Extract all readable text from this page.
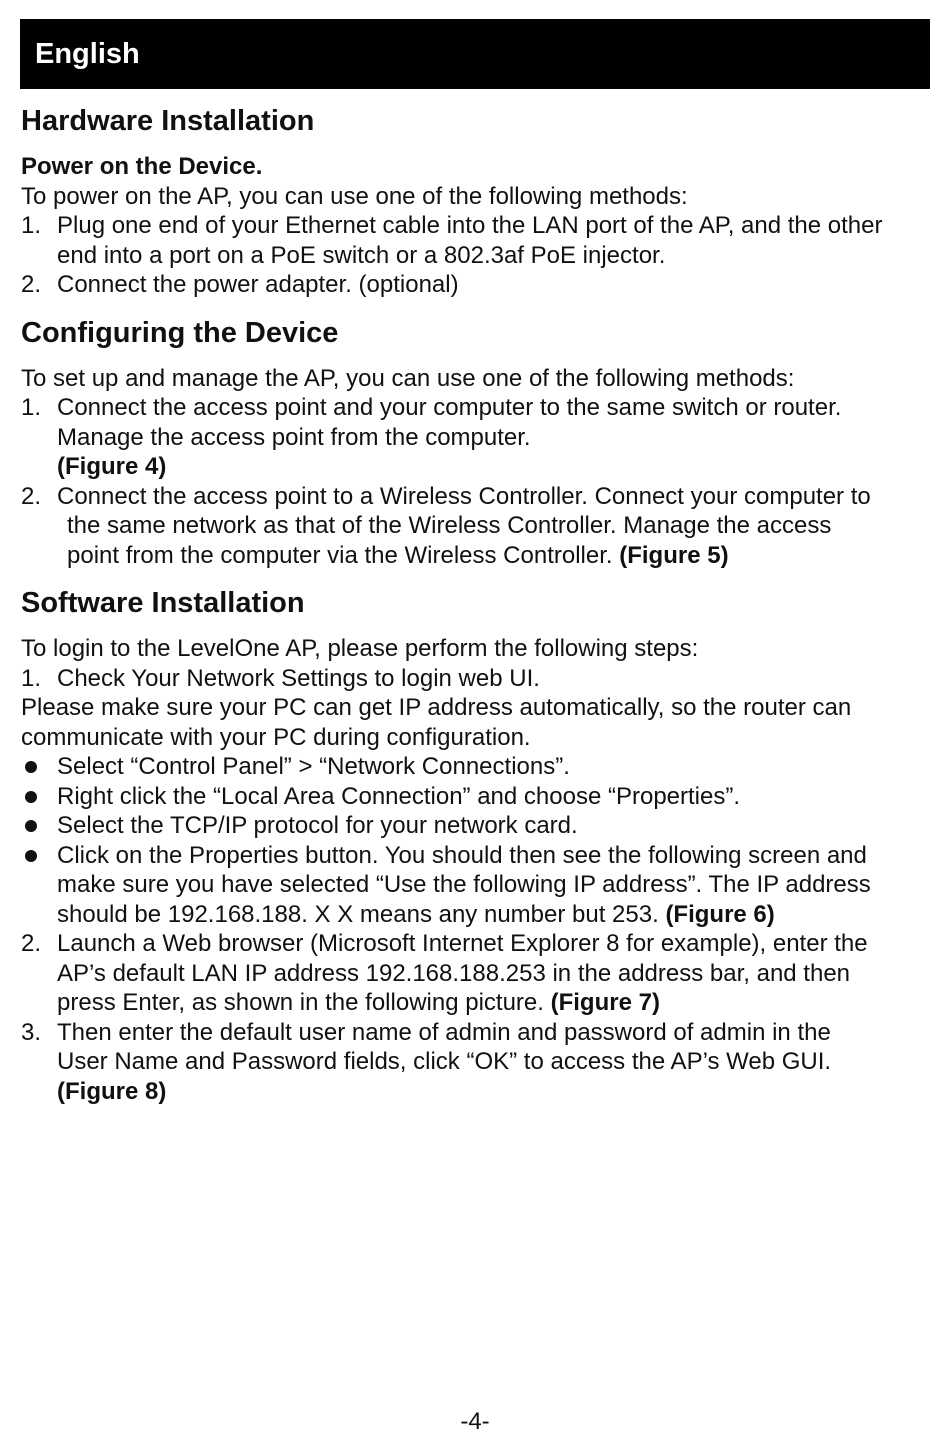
English
Hardware Installation

Power on the Device.

To power on the AP, you can use one of the following methods:

1. Plug one end of your Ethernet cable into the LAN port of the AP, and the other
end into a port on a PoE switch or a 802.3af PoE injector.
2. Connect the power adapter. (optional)
Configuring the Device

To set up and manage the AP, you can use one of the following methods:

1. Connect the access point and your computer to the same switch or router.
Manage the access point from the computer.
(Figure 4)
2. Connect the access point to a Wireless Controller. Connect your computer to
the same network as that of the Wireless Controller. Manage the access
point from the computer via the Wireless Controller. (Figure 5)
Software Installation

To login to the LevelOne AP, please perform the following steps:

1. Check Your Network Settings to login web UI.

Please make sure your PC can get IP address automatically, so the router can

communicate with your PC during configuration.

Select “Control Panel” > “Network Connections”.
Right click the “Local Area Connection” and choose “Properties”.
Select the TCP/IP protocol for your network card.
Click on the Properties button. You should then see the following screen and
make sure you have selected “Use the following IP address”. The IP address
should be 192.168.188. X X means any number but 253. (Figure 6)
2. Launch a Web browser (Microsoft Internet Explorer 8 for example), enter the
AP’s default LAN IP address 192.168.188.253 in the address bar, and then
press Enter, as shown in the following picture. (Figure 7)
3. Then enter the default user name of admin and password of admin in the
User Name and Password fields, click “OK” to access the AP’s Web GUI.
(Figure 8)
-4-
